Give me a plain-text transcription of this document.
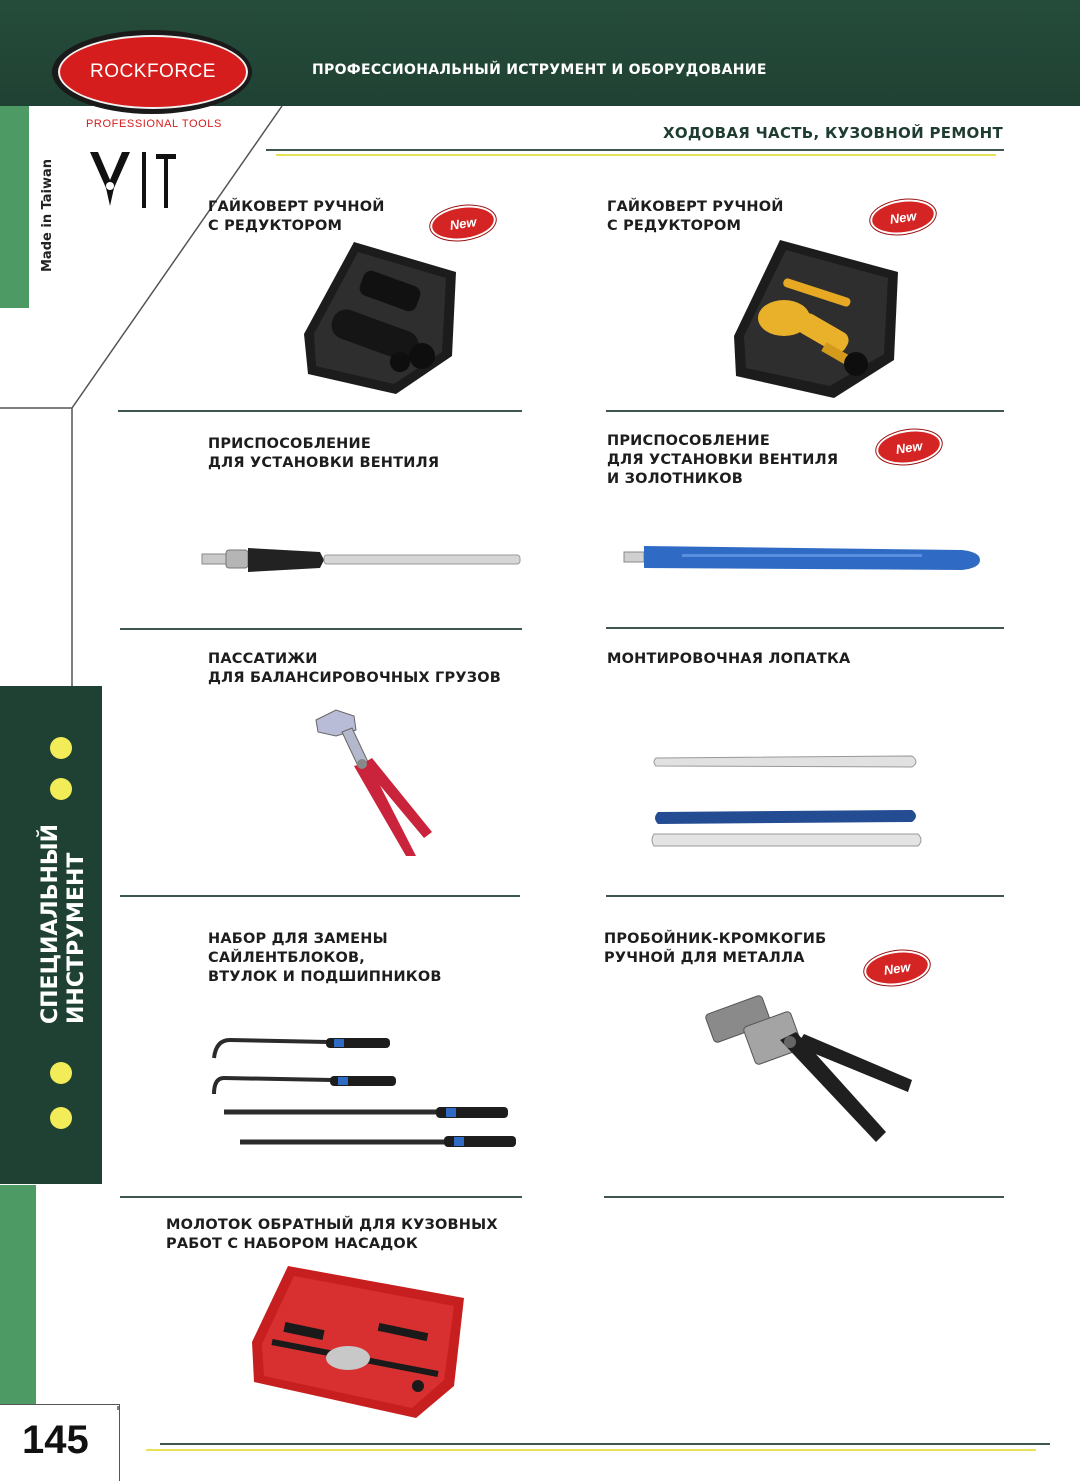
ROCKFORCE
PROFESSIONAL TOOLS
ПРОФЕССИОНАЛЬНЫЙ ИСТРУМЕНТ И ОБОРУДОВАНИЕ
Made in Taiwan
СПЕЦИАЛЬНЫЙ ИНСТРУМЕНТ
ХОДОВАЯ ЧАСТЬ, КУЗОВНОЙ РЕМОНТ
ГАЙКОВЕРТ РУЧНОЙ
С РЕДУКТОРОМ	New
ГАЙКОВЕРТ РУЧНОЙ
С РЕДУКТОРОМ	New
ПРИСПОСОБЛЕНИЕ
ДЛЯ УСТАНОВКИ ВЕНТИЛЯ
ПРИСПОСОБЛЕНИЕ
ДЛЯ УСТАНОВКИ ВЕНТИЛЯ
И ЗОЛОТНИКОВ
New
ПАССАТИЖИ
ДЛЯ БАЛАНСИРОВОЧНЫХ ГРУЗОВ
МОНТИРОВОЧНАЯ ЛОПАТКА
НАБОР ДЛЯ ЗАМЕНЫ
САЙЛЕНТБЛОКОВ,
ВТУЛОК И ПОДШИПНИКОВ
ПРОБОЙНИК-КРОМКОГИБ
РУЧНОЙ ДЛЯ МЕТАЛЛА
New
МОЛОТОК ОБРАТНЫЙ ДЛЯ КУЗОВНЫХ
РАБОТ С НАБОРОМ НАСАДОК
145
